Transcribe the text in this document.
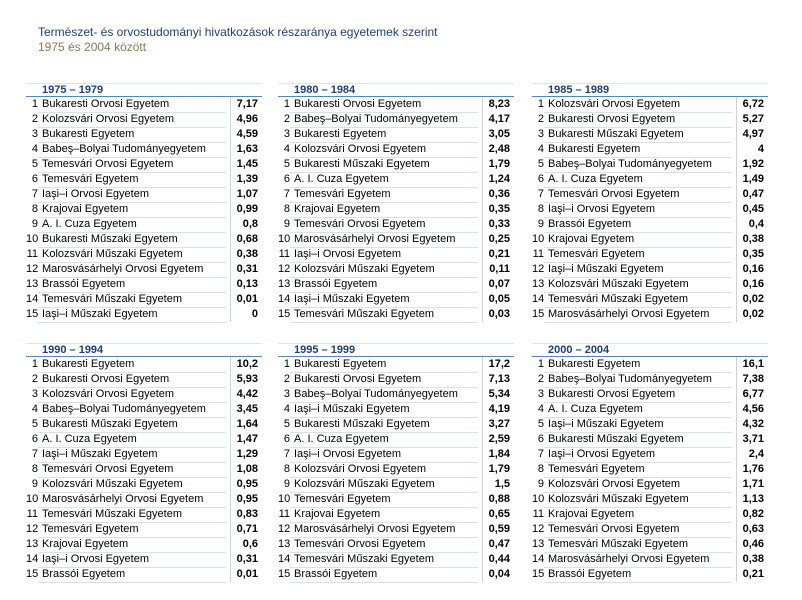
Természet- és orvostudományi hivatkozások részaránya egyetemek szerint
1975 és 2004 között
1975 – 1979
1 Bukaresti Orvosi Egyetem	7,17
2 Kolozsvári Orvosi Egyetem	4,96
3 Bukaresti Egyetem	4,59
4 Babeş–Bolyai Tudományegyetem	1,63
5 Temesvári Orvosi Egyetem	1,45
6 Temesvári Egyetem	1,39
7 Iaşi–i Orvosi Egyetem	1,07
8 Krajovai Egyetem	0,99
9 A. I. Cuza Egyetem	0,8
10 Bukaresti Műszaki Egyetem	0,68
11 Kolozsvári Műszaki Egyetem	0,38
12 Marosvásárhelyi Orvosi Egyetem	0,31
13 Brassói Egyetem	0,13
14 Temesvári Műszaki Egyetem	0,01
15 Iaşi–i Műszaki Egyetem	0
1980 – 1984
1 Bukaresti Orvosi Egyetem	8,23
2 Babeş–Bolyai Tudományegyetem	4,17
3 Bukaresti Egyetem	3,05
4 Kolozsvári Orvosi Egyetem	2,48
5 Bukaresti Műszaki Egyetem	1,79
6 A. I. Cuza Egyetem	1,24
7 Temesvári Egyetem	0,36
8 Krajovai Egyetem	0,35
9 Temesvári Orvosi Egyetem	0,33
10 Marosvásárhelyi Orvosi Egyetem	0,25
11 Iaşi–i Orvosi Egyetem	0,21
12 Kolozsvári Műszaki Egyetem	0,11
13 Brassói Egyetem	0,07
14 Iaşi–i Műszaki Egyetem	0,05
15 Temesvári Műszaki Egyetem	0,03
1985 – 1989
1 Kolozsvári Orvosi Egyetem	6,72
2 Bukaresti Orvosi Egyetem	5,27
3 Bukaresti Műszaki Egyetem	4,97
4 Bukaresti Egyetem	4
5 Babeş–Bolyai Tudományegyetem	1,92
6 A. I. Cuza Egyetem	1,49
7 Temesvári Orvosi Egyetem	0,47
8 Iaşi–i Orvosi Egyetem	0,45
9 Brassói Egyetem	0,4
10 Krajovai Egyetem	0,38
11 Temesvári Egyetem	0,35
12 Iaşi–i Műszaki Egyetem	0,16
13 Kolozsvári Műszaki Egyetem	0,16
14 Temesvári Műszaki Egyetem	0,02
15 Marosvásárhelyi Orvosi Egyetem	0,02
1990 – 1994
1 Bukaresti Egyetem	10,2
2 Bukaresti Orvosi Egyetem	5,93
3 Kolozsvári Orvosi Egyetem	4,42
4 Babeş–Bolyai Tudományegyetem	3,45
5 Bukaresti Műszaki Egyetem	1,64
6 A. I. Cuza Egyetem	1,47
7 Iaşi–i Műszaki Egyetem	1,29
8 Temesvári Orvosi Egyetem	1,08
9 Kolozsvári Műszaki Egyetem	0,95
10 Marosvásárhelyi Orvosi Egyetem	0,95
11 Temesvári Műszaki Egyetem	0,83
12 Temesvári Egyetem	0,71
13 Krajovai Egyetem	0,6
14 Iaşi–i Orvosi Egyetem	0,31
15 Brassói Egyetem	0,01
1995 – 1999
1 Bukaresti Egyetem	17,2
2 Bukaresti Orvosi Egyetem	7,13
3 Babeş–Bolyai Tudományegyetem	5,34
4 Iaşi–i Műszaki Egyetem	4,19
5 Bukaresti Műszaki Egyetem	3,27
6 A. I. Cuza Egyetem	2,59
7 Iaşi–i Orvosi Egyetem	1,84
8 Kolozsvári Orvosi Egyetem	1,79
9 Kolozsvári Műszaki Egyetem	1,5
10 Temesvári Egyetem	0,88
11 Krajovai Egyetem	0,65
12 Marosvásárhelyi Orvosi Egyetem	0,59
13 Temesvári Orvosi Egyetem	0,47
14 Temesvári Műszaki Egyetem	0,44
15 Brassói Egyetem	0,04
2000 – 2004
1 Bukaresti Egyetem	16,1
2 Babeş–Bolyai Tudományegyetem	7,38
3 Bukaresti Orvosi Egyetem	6,77
4 A. I. Cuza Egyetem	4,56
5 Iaşi–i Műszaki Egyetem	4,32
6 Bukaresti Műszaki Egyetem	3,71
7 Iaşi–i Orvosi Egyetem	2,4
8 Temesvári Egyetem	1,76
9 Kolozsvári Orvosi Egyetem	1,71
10 Kolozsvári Műszaki Egyetem	1,13
11 Krajovai Egyetem	0,82
12 Temesvári Orvosi Egyetem	0,63
13 Temesvári Műszaki Egyetem	0,46
14 Marosvásárhelyi Orvosi Egyetem	0,38
15 Brassói Egyetem	0,21
